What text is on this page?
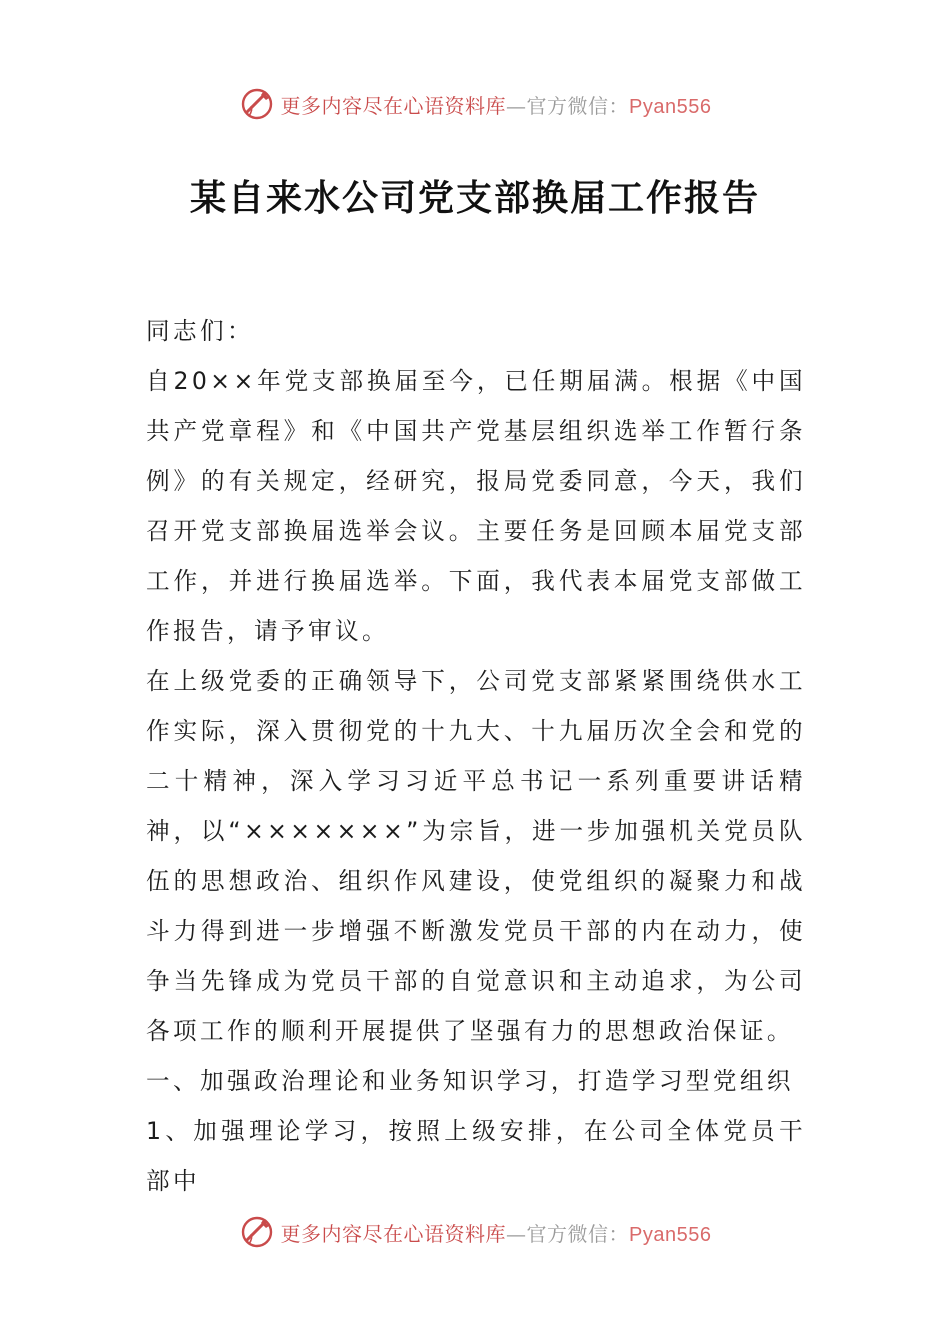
更多内容尽在心语资料库—官方微信：Pyan556
某自来水公司党支部换届工作报告

同志们：

自20××年党支部换届至今，已任期届满。根据《中国共产党章程》和《中国共产党基层组织选举工作暂行条例》的有关规定，经研究，报局党委同意，今天，我们召开党支部换届选举会议。主要任务是回顾本届党支部工作，并进行换届选举。下面，我代表本届党支部做工作报告，请予审议。

在上级党委的正确领导下，公司党支部紧紧围绕供水工作实际，深入贯彻党的十九大、十九届历次全会和党的二十精神，深入学习习近平总书记一系列重要讲话精神，以“×××××××”为宗旨，进一步加强机关党员队伍的思想政治、组织作风建设，使党组织的凝聚力和战斗力得到进一步增强不断激发党员干部的内在动力，使争当先锋成为党员干部的自觉意识和主动追求，为公司各项工作的顺利开展提供了坚强有力的思想政治保证。

一、加强政治理论和业务知识学习，打造学习型党组织

1、加强理论学习，按照上级安排，在公司全体党员干部中

更多内容尽在心语资料库—官方微信：Pyan556
